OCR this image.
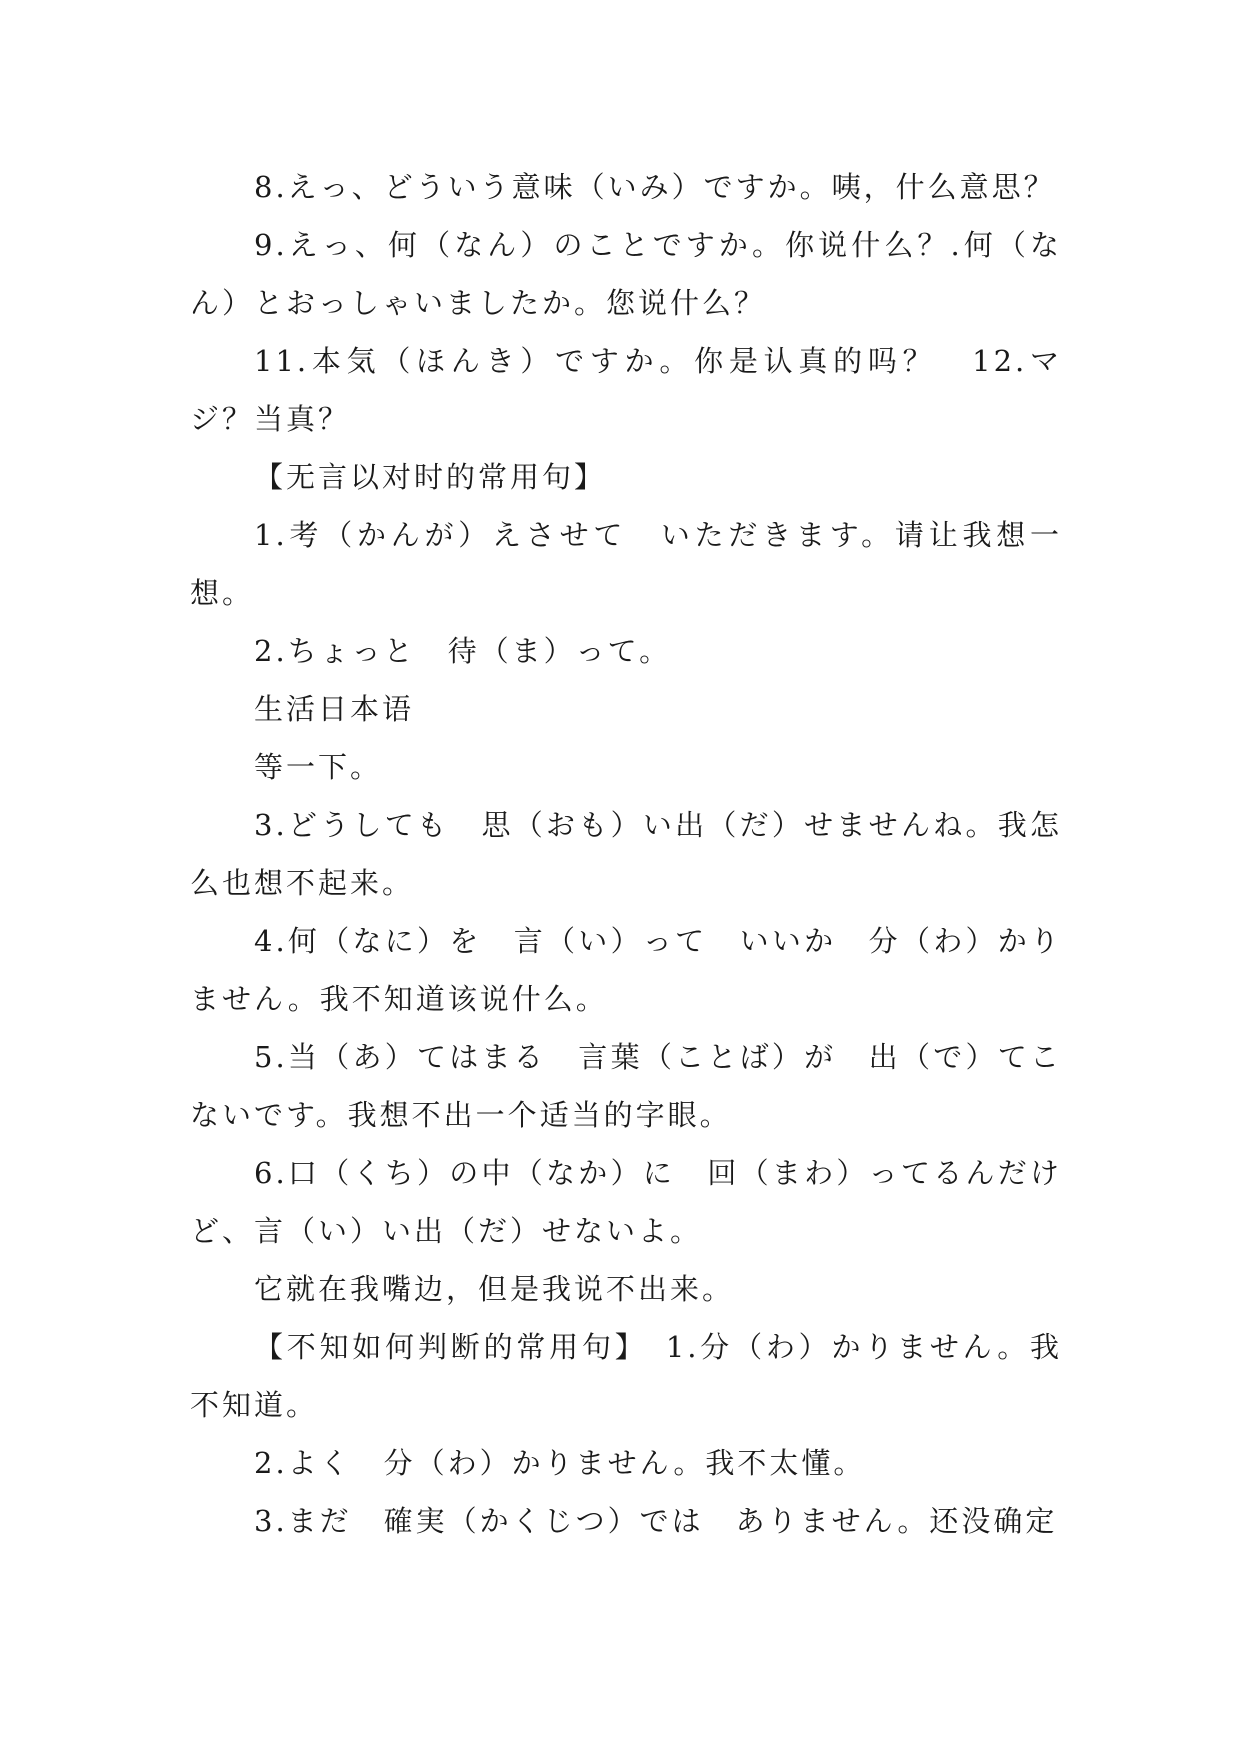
8.えっ、どういう意味（いみ）ですか。咦，什么意思？

9.えっ、何（なん）のことですか。你说什么？.何（なん）とおっしゃいましたか。您说什么？

11.本気（ほんき）ですか。你是认真的吗？　12.マジ？当真？

【无言以对时的常用句】

1.考（かんが）えさせて　いただきます。请让我想一想。

2.ちょっと　待（ま）って。

生活日本语

等一下。

3.どうしても　思（おも）い出（だ）せませんね。我怎么也想不起来。

4.何（なに）を　言（い）って　いいか　分（わ）かりません。我不知道该说什么。

5.当（あ）てはまる　言葉（ことば）が　出（で）てこないです。我想不出一个适当的字眼。

6.口（くち）の中（なか）に　回（まわ）ってるんだけど、言（い）い出（だ）せないよ。

它就在我嘴边，但是我说不出来。

【不知如何判断的常用句】　1.分（わ）かりません。我不知道。

2.よく　分（わ）かりません。我不太懂。

3.まだ　確実（かくじつ）では　ありません。还没确定
